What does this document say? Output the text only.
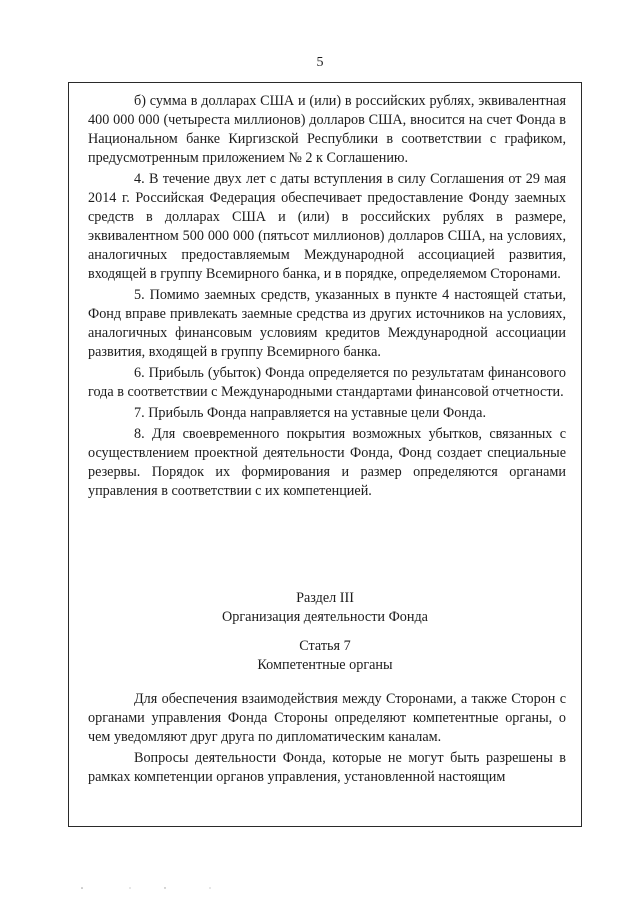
5

б) сумма в долларах США и (или) в российских рублях, эквивалентная 400 000 000 (четыреста миллионов) долларов США, вносится на счет Фонда в Национальном банке Киргизской Республики в соответствии с графиком, предусмотренным приложением № 2 к Соглашению.

4. В течение двух лет с даты вступления в силу Соглашения от 29 мая 2014 г. Российская Федерация обеспечивает предоставление Фонду заемных средств в долларах США и (или) в российских рублях в размере, эквивалентном 500 000 000 (пятьсот миллионов) долларов США, на условиях, аналогичных предоставляемым Международной ассоциацией развития, входящей в группу Всемирного банка, и в порядке, определяемом Сторонами.

5. Помимо заемных средств, указанных в пункте 4 настоящей статьи, Фонд вправе привлекать заемные средства из других источников на условиях, аналогичных финансовым условиям кредитов Международной ассоциации развития, входящей в группу Всемирного банка.

6. Прибыль (убыток) Фонда определяется по результатам финансового года в соответствии с Международными стандартами финансовой отчетности.

7. Прибыль Фонда направляется на уставные цели Фонда.

8. Для своевременного покрытия возможных убытков, связанных с осуществлением проектной деятельности Фонда, Фонд создает специальные резервы. Порядок их формирования и размер определяются органами управления в соответствии с их компетенцией.

Раздел III
Организация деятельности Фонда
Статья 7
Компетентные органы

Для обеспечения взаимодействия между Сторонами, а также Сторон с органами управления Фонда Стороны определяют компетентные органы, о чем уведомляют друг друга по дипломатическим каналам.

Вопросы деятельности Фонда, которые не могут быть разрешены в рамках компетенции органов управления, установленной настоящим
